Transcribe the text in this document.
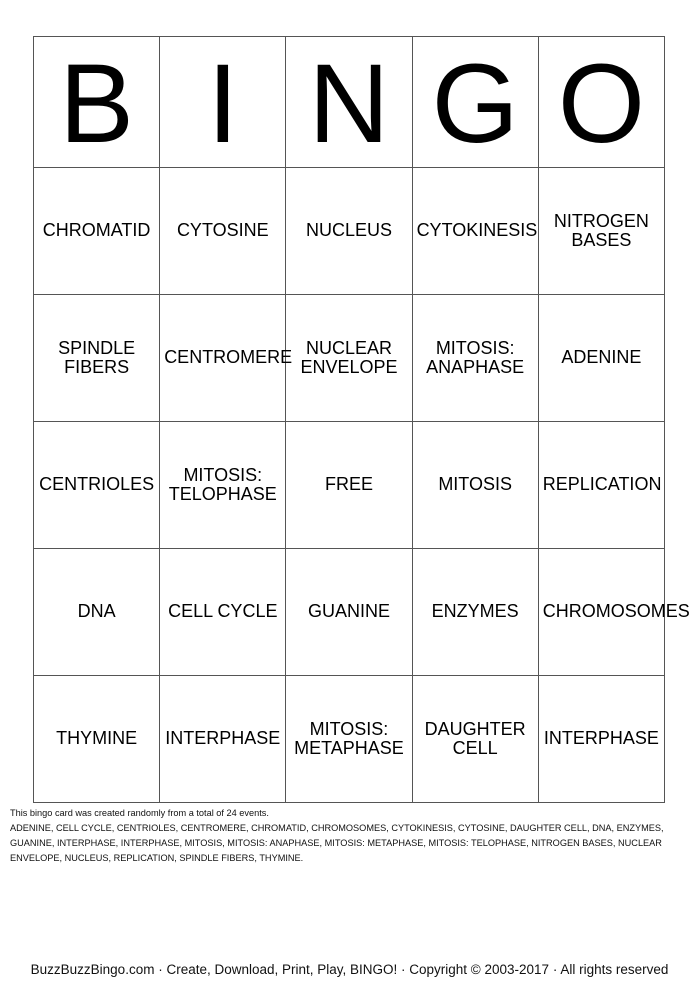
B	I	N	G	O
CHROMATID	CYTOSINE	NUCLEUS	CYTOKINESIS	NITROGEN BASES
SPINDLE FIBERS	CENTROMERE	NUCLEAR ENVELOPE	MITOSIS: ANAPHASE	ADENINE
CENTRIOLES	MITOSIS: TELOPHASE	FREE	MITOSIS	REPLICATION
DNA	CELL CYCLE	GUANINE	ENZYMES	CHROMOSOMES
THYMINE	INTERPHASE	MITOSIS: METAPHASE	DAUGHTER CELL	INTERPHASE
This bingo card was created randomly from a total of 24 events.
ADENINE, CELL CYCLE, CENTRIOLES, CENTROMERE, CHROMATID, CHROMOSOMES, CYTOKINESIS, CYTOSINE, DAUGHTER CELL, DNA, ENZYMES, GUANINE, INTERPHASE, INTERPHASE, MITOSIS, MITOSIS: ANAPHASE, MITOSIS: METAPHASE, MITOSIS: TELOPHASE, NITROGEN BASES, NUCLEAR ENVELOPE, NUCLEUS, REPLICATION, SPINDLE FIBERS, THYMINE.
BuzzBuzzBingo.com · Create, Download, Print, Play, BINGO! · Copyright © 2003-2017 · All rights reserved
